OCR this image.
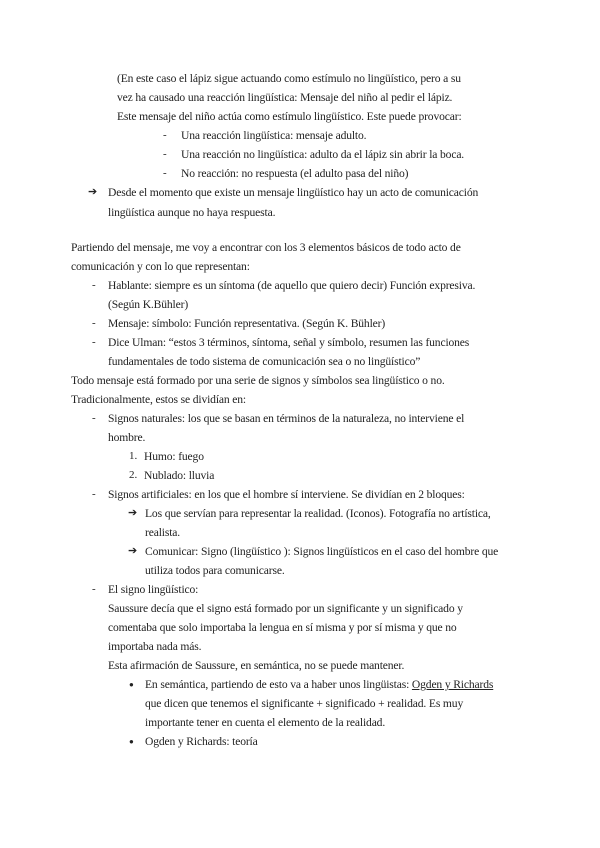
(En este caso el lápiz sigue actuando como estímulo no lingüístico, pero a su
vez ha causado una reacción lingüística: Mensaje del niño al pedir el lápiz.
Este mensaje del niño actúa como estímulo lingüístico. Este puede provocar:
- Una reacción lingüística: mensaje adulto.
- Una reacción no lingüística: adulto da el lápiz sin abrir la boca.
- No reacción: no respuesta (el adulto pasa del niño)
➔ Desde el momento que existe un mensaje lingüístico hay un acto de comunicación
lingüística aunque no haya respuesta.
Partiendo del mensaje, me voy a encontrar con los 3 elementos básicos de todo acto de
comunicación y con lo que representan:
- Hablante: siempre es un síntoma (de aquello que quiero decir) Función expresiva.
(Según K.Bühler)
- Mensaje: símbolo: Función representativa. (Según K. Bühler)
- Dice Ulman: “estos 3 términos, síntoma, señal y símbolo, resumen las funciones
fundamentales de todo sistema de comunicación sea o no lingüístico”
Todo mensaje está formado por una serie de signos y símbolos sea lingüístico o no.
Tradicionalmente, estos se dividían en:
- Signos naturales: los que se basan en términos de la naturaleza, no interviene el
hombre.
1. Humo: fuego
2. Nublado: lluvia
- Signos artificiales: en los que el hombre sí interviene. Se dividían en 2 bloques:
➔ Los que servían para representar la realidad. (Iconos). Fotografía no artística,
realista.
➔ Comunicar: Signo (lingüístico ): Signos lingüísticos en el caso del hombre que
utiliza todos para comunicarse.
- El signo lingüístico:
Saussure decía que el signo está formado por un significante y un significado y
comentaba que solo importaba la lengua en sí misma y por sí misma y que no
importaba nada más.
Esta afirmación de Saussure, en semántica, no se puede mantener.
● En semántica, partiendo de esto va a haber unos lingüistas: Ogden y Richards
que dicen que tenemos el significante + significado + realidad. Es muy
importante tener en cuenta el elemento de la realidad.
● Ogden y Richards: teoría
